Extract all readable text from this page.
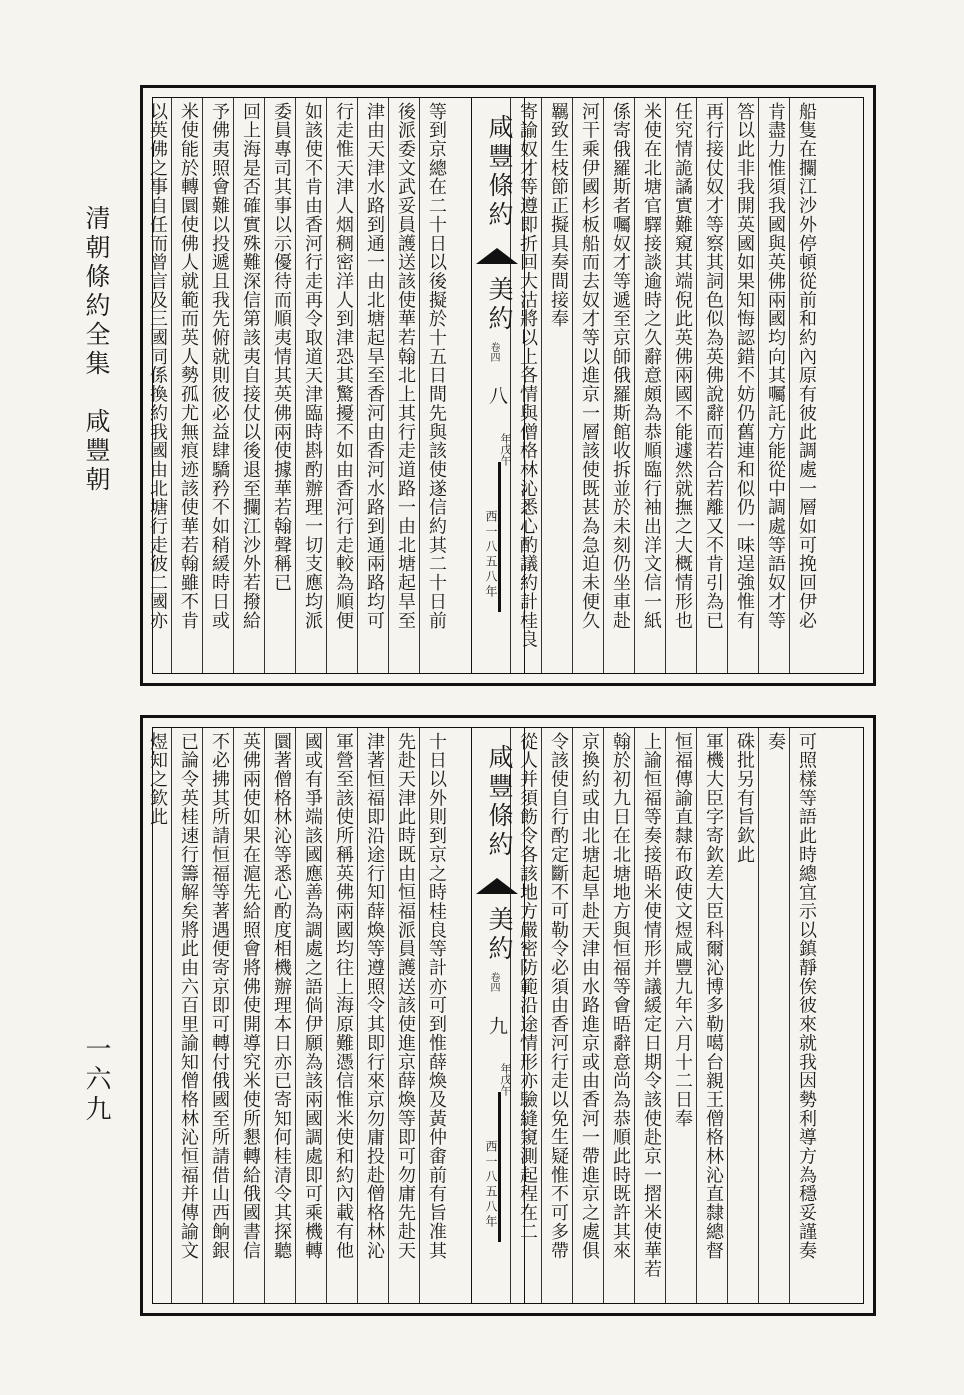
清朝條約全集　咸豐朝
一六九
船隻在攔江沙外停頓從前和約內原有彼此調處一層如可挽回伊必
肯盡力惟須我國與英佛兩國均向其囑託方能從中調處等語奴才等
答以此非我開英國如果知悔認錯不妨仍舊連和似仍一味逞強惟有
再行接仗奴才等察其詞色似為英佛說辭而若合若離又不肯引為已
任究情詭譎實難窺其端倪此英佛兩國不能遽然就撫之大概情形也
米使在北塘官驛接談逾時之久辭意頗為恭順臨行袖出洋文信一紙
係寄俄羅斯者囑奴才等遞至京師俄羅斯館收拆並於未刻仍坐車赴
河干乘伊國杉板船而去奴才等以進京一層該使既甚為急迫未便久
羈致生枝節正擬具奏間接奉
寄諭奴才等遵即折回大沽將以上各情與僧格林沁悉心酌議約計桂良
等到京總在二十日以後擬於十五日間先與該使遂信約其二十日前
後派委文武妥員護送該使華若翰北上其行走道路一由北塘起旱至
津由天津水路到通一由北塘起旱至香河由香河水路到通兩路均可
行走惟天津人烟稠密洋人到津恐其驚擾不如由香河行走較為順便
如該使不肯由香河行走再令取道天津臨時斟酌辦理一切支應均派
委員專司其事以示優待而順夷情其英佛兩使據華若翰聲稱已
回上海是否確實殊難深信第該夷自接仗以後退至攔江沙外若撥給
予佛夷照會難以投遞且我先俯就則彼必益肆驕矜不如稍緩時日或
米使能於轉圜使佛人就範而英人勢孤尤無痕迹該使華若翰雖不肯
以英佛之事自任而曾言及三國同係換約我國由北塘行走彼二國亦	咸豐條約
美約
卷四
八
年戊午
西一八五八年
可照樣等語此時總宜示以鎮靜俟彼來就我因勢利導方為穩妥謹奏
奏
硃批另有旨欽此
軍機大臣字寄欽差大臣科爾沁博多勒噶台親王僧格林沁直隸總督
恒福傳諭直隸布政使文煜咸豐九年六月十二日奉
上諭恒福等奏接晤米使情形并議緩定日期令該使赴京一摺米使華若
翰於初九日在北塘地方與恒福等會晤辭意尚為恭順此時既許其來
京換約或由北塘起旱赴天津由水路進京或由香河一帶進京之處俱
令該使自行酌定斷不可勒令必須由香河行走以免生疑惟不可多帶
從人并須飭令各該地方嚴密防範沿途情形亦驗縫窺測起程在二
十日以外則到京之時桂良等計亦可到惟薛煥及黃仲畬前有旨准其
先赴天津此時既由恒福派員護送該使進京薛煥等即可勿庸先赴天
津著恒福即沿途行知薛煥等遵照令其即行來京勿庸投赴僧格林沁
軍營至該使所稱英佛兩國均往上海原難憑信惟米使和約內載有他
國或有爭端該國應善為調處之語倘伊願為該兩國調處即可乘機轉
圜著僧格林沁等悉心酌度相機辦理本日亦已寄知何桂清令其探聽
英佛兩使如果在滬先給照會將佛使開導究米使所懇轉給俄國書信
不必拂其所請恒福等著遇便寄京即可轉付俄國至所請借山西餉銀
已論令英桂速行籌解矣將此由六百里諭知僧格林沁恒福并傳諭文
煜知之欽此	咸豐條約
美約
卷四
九
年戊午
西一八五八年
